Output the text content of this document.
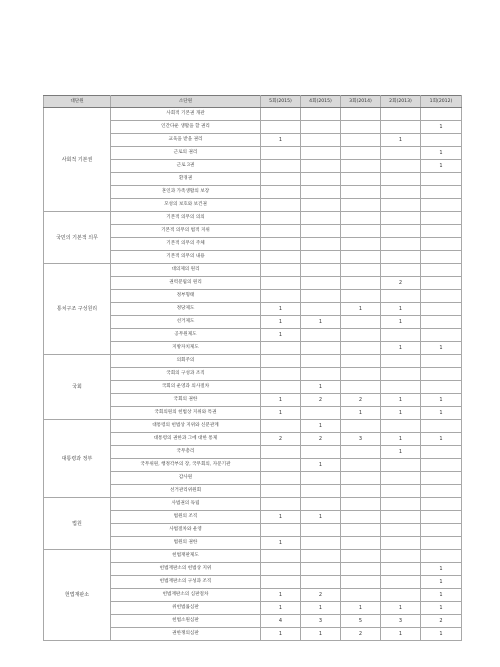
대단원	소단원	5회(2015)	4회(2015)	3회(2014)	2회(2013)	1회(2012)
사회적 기본권	사회적 기본권 개관					
	인간다운 생활을 할 권리					1
	교육을 받을 권리	1			1	
	근로의 권리					1
	근로 3권					1
	환경권					
	혼인과 가족생활의 보장					
	모성의 보호와 보건권					
국민의 기본적 의무	기본적 의무의 의의					
	기본적 의무의 법적 지위					
	기본적 의무의 주체					
	기본적 의무의 내용					
통치구조 구성원리	대의제의 원리					
	권력분립의 원리				2	
	정부형태					
	정당제도	1		1	1	
	선거제도	1	1		1	
	공무원제도	1				
	지방자치제도				1	1
국회	의회주의					
	국회의 구성과 조직					
	국회의 운영과 의사절차		1			
	국회의 권한	1	2	2	1	1
	국회의원의 헌법상 지위와 특권	1		1	1	1
대통령과 정부	대통령의 헌법상 지위와 신분관계		1			
	대통령의 권한과 그에 대한 통제	2	2	3	1	1
	국무총리				1	
	국무위원, 행정각부의 장, 국무회의, 자문기관		1			
	감사원					
	선거관리위원회					
법원	사법권의 독립					
	법원의 조직	1	1			
	사법절차와 운영					
	법원의 권한	1				
헌법재판소	헌법재판제도					
	헌법재판소의 헌법상 지위					1
	헌법재판소의 구성과 조직					1
	헌법재판소의 심판절차	1	2			1
	위헌법률심판	1	1	1	1	1
	헌법소원심판	4	3	5	3	2
	권한쟁의심판	1	1	2	1	1
